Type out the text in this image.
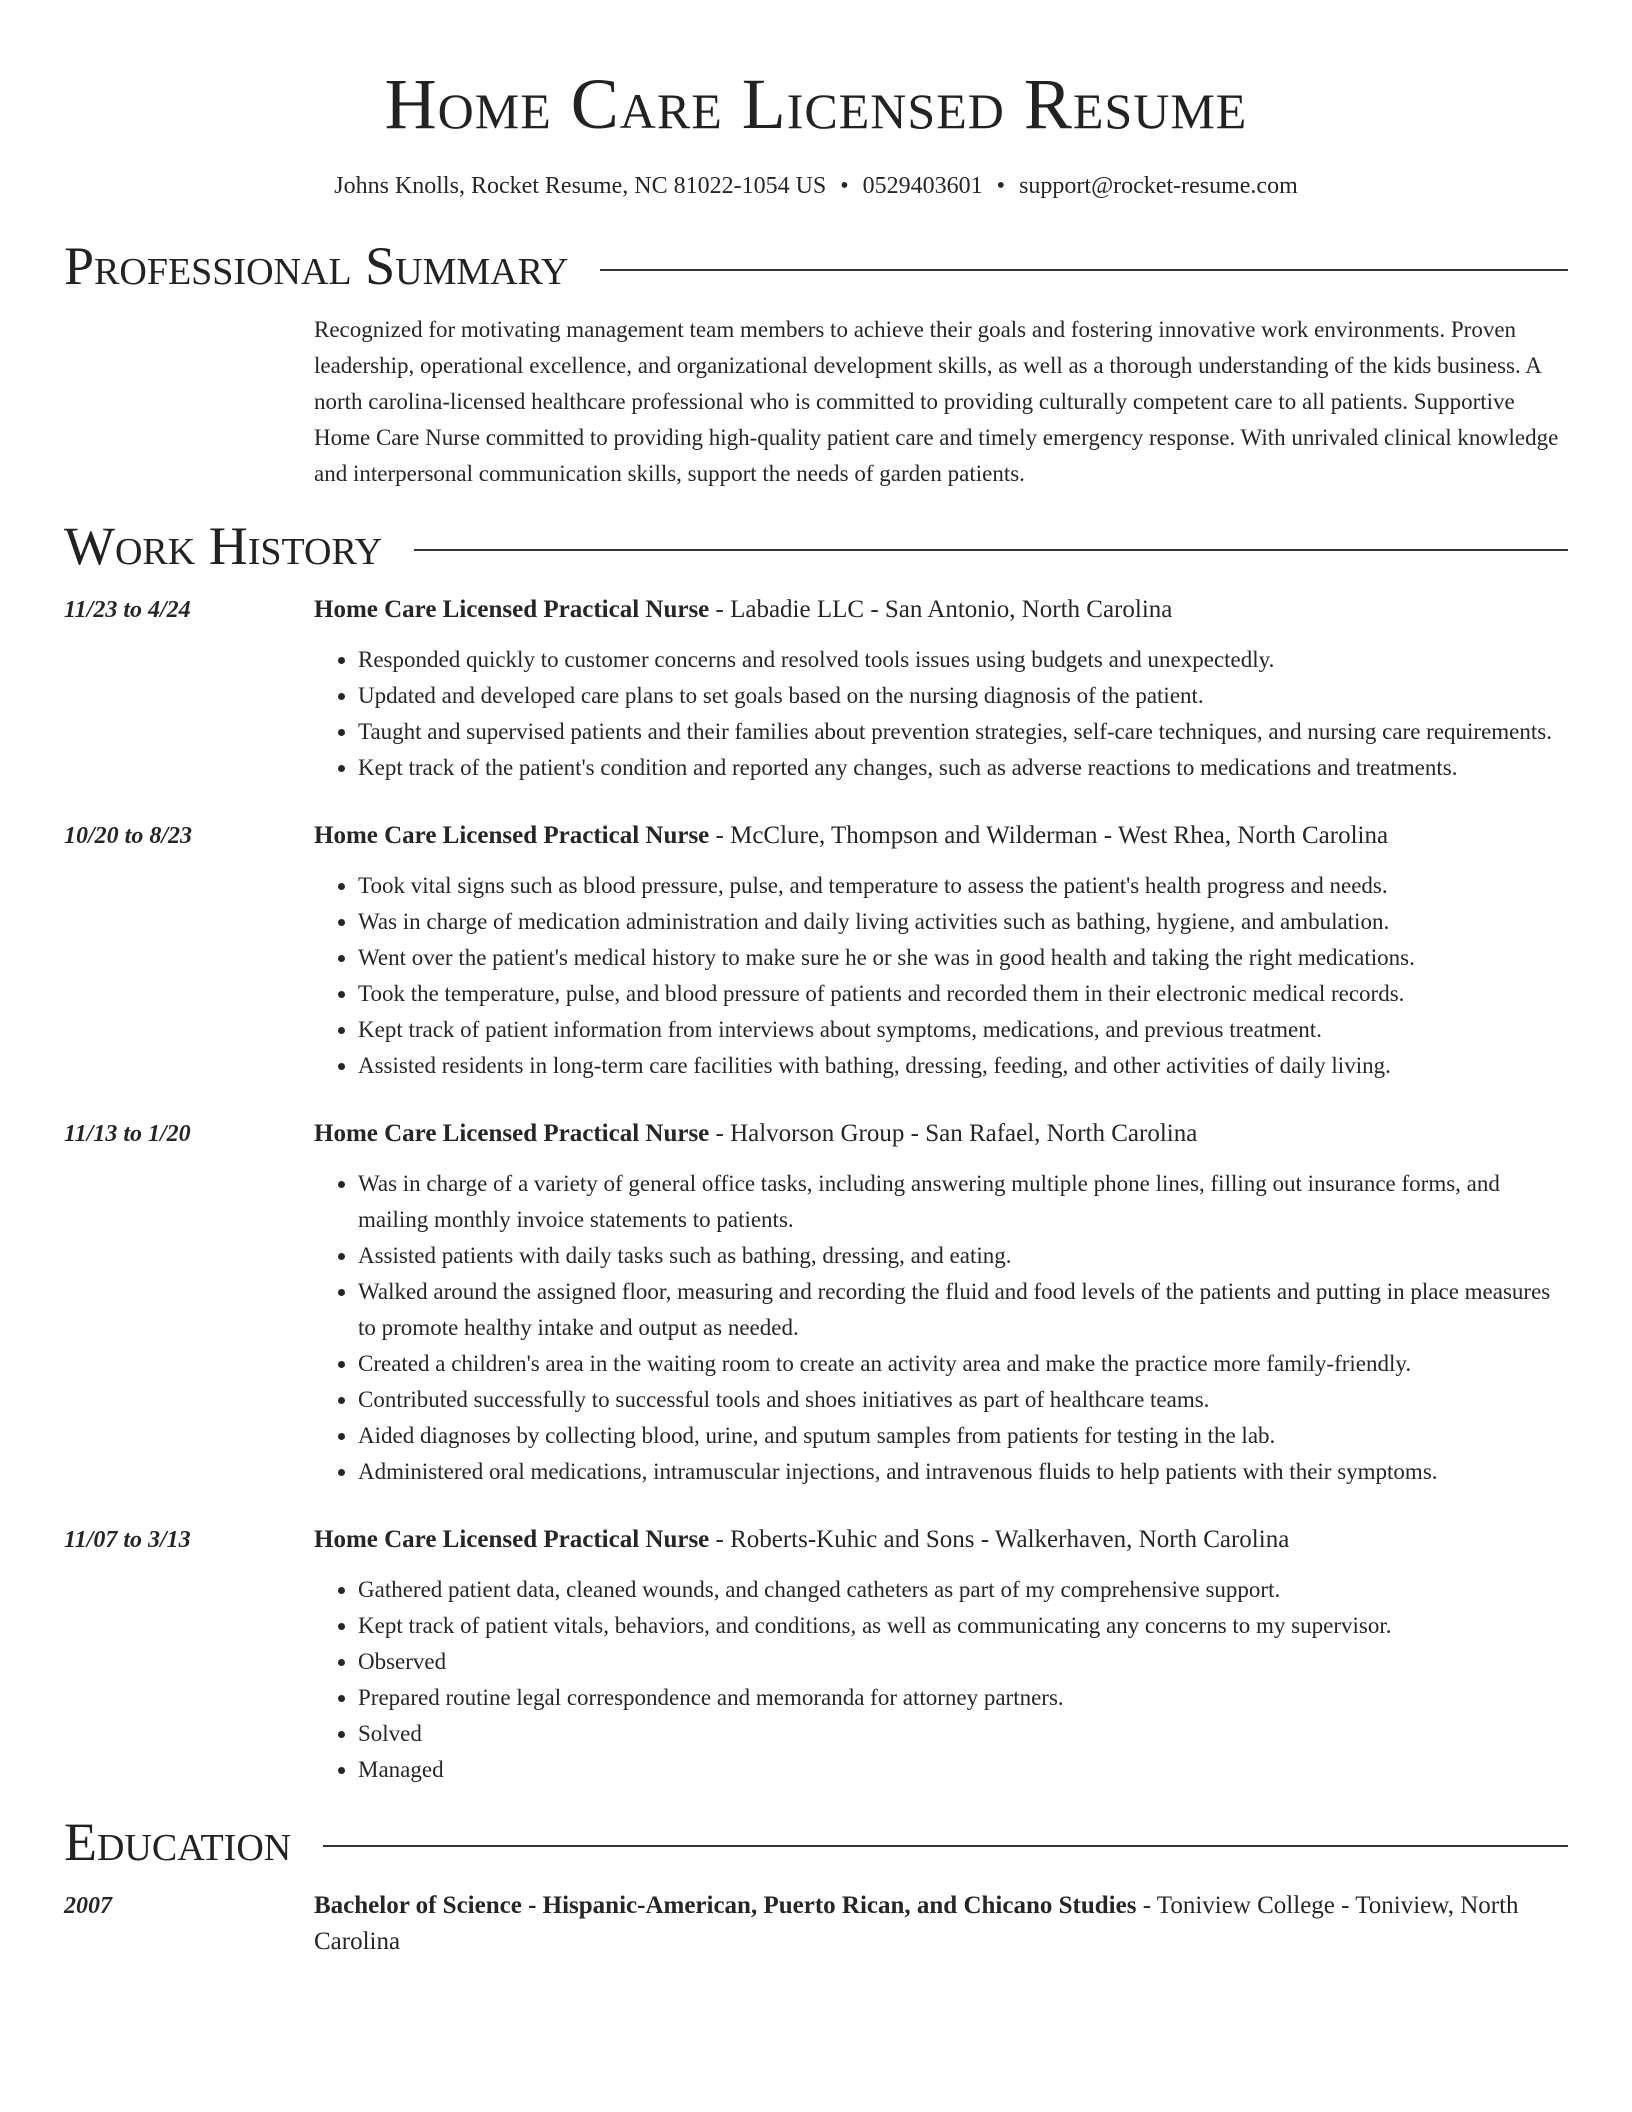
Home Care Licensed Resume
Johns Knolls, Rocket Resume, NC 81022-1054 US • 0529403601 • support@rocket-resume.com
Professional Summary
Recognized for motivating management team members to achieve their goals and fostering innovative work environments. Proven leadership, operational excellence, and organizational development skills, as well as a thorough understanding of the kids business. A north carolina-licensed healthcare professional who is committed to providing culturally competent care to all patients. Supportive Home Care Nurse committed to providing high-quality patient care and timely emergency response. With unrivaled clinical knowledge and interpersonal communication skills, support the needs of garden patients.
Work History
11/23 to 4/24	Home Care Licensed Practical Nurse - Labadie LLC - San Antonio, North Carolina
• Responded quickly to customer concerns and resolved tools issues using budgets and unexpectedly.
• Updated and developed care plans to set goals based on the nursing diagnosis of the patient.
• Taught and supervised patients and their families about prevention strategies, self-care techniques, and nursing care requirements.
• Kept track of the patient's condition and reported any changes, such as adverse reactions to medications and treatments.
10/20 to 8/23	Home Care Licensed Practical Nurse - McClure, Thompson and Wilderman - West Rhea, North Carolina
• Took vital signs such as blood pressure, pulse, and temperature to assess the patient's health progress and needs.
• Was in charge of medication administration and daily living activities such as bathing, hygiene, and ambulation.
• Went over the patient's medical history to make sure he or she was in good health and taking the right medications.
• Took the temperature, pulse, and blood pressure of patients and recorded them in their electronic medical records.
• Kept track of patient information from interviews about symptoms, medications, and previous treatment.
• Assisted residents in long-term care facilities with bathing, dressing, feeding, and other activities of daily living.
11/13 to 1/20	Home Care Licensed Practical Nurse - Halvorson Group - San Rafael, North Carolina
• Was in charge of a variety of general office tasks, including answering multiple phone lines, filling out insurance forms, and mailing monthly invoice statements to patients.
• Assisted patients with daily tasks such as bathing, dressing, and eating.
• Walked around the assigned floor, measuring and recording the fluid and food levels of the patients and putting in place measures to promote healthy intake and output as needed.
• Created a children's area in the waiting room to create an activity area and make the practice more family-friendly.
• Contributed successfully to successful tools and shoes initiatives as part of healthcare teams.
• Aided diagnoses by collecting blood, urine, and sputum samples from patients for testing in the lab.
• Administered oral medications, intramuscular injections, and intravenous fluids to help patients with their symptoms.
11/07 to 3/13	Home Care Licensed Practical Nurse - Roberts-Kuhic and Sons - Walkerhaven, North Carolina
• Gathered patient data, cleaned wounds, and changed catheters as part of my comprehensive support.
• Kept track of patient vitals, behaviors, and conditions, as well as communicating any concerns to my supervisor.
• Observed
• Prepared routine legal correspondence and memoranda for attorney partners.
• Solved
• Managed
Education
2007	Bachelor of Science - Hispanic-American, Puerto Rican, and Chicano Studies - Toniview College - Toniview, North Carolina
